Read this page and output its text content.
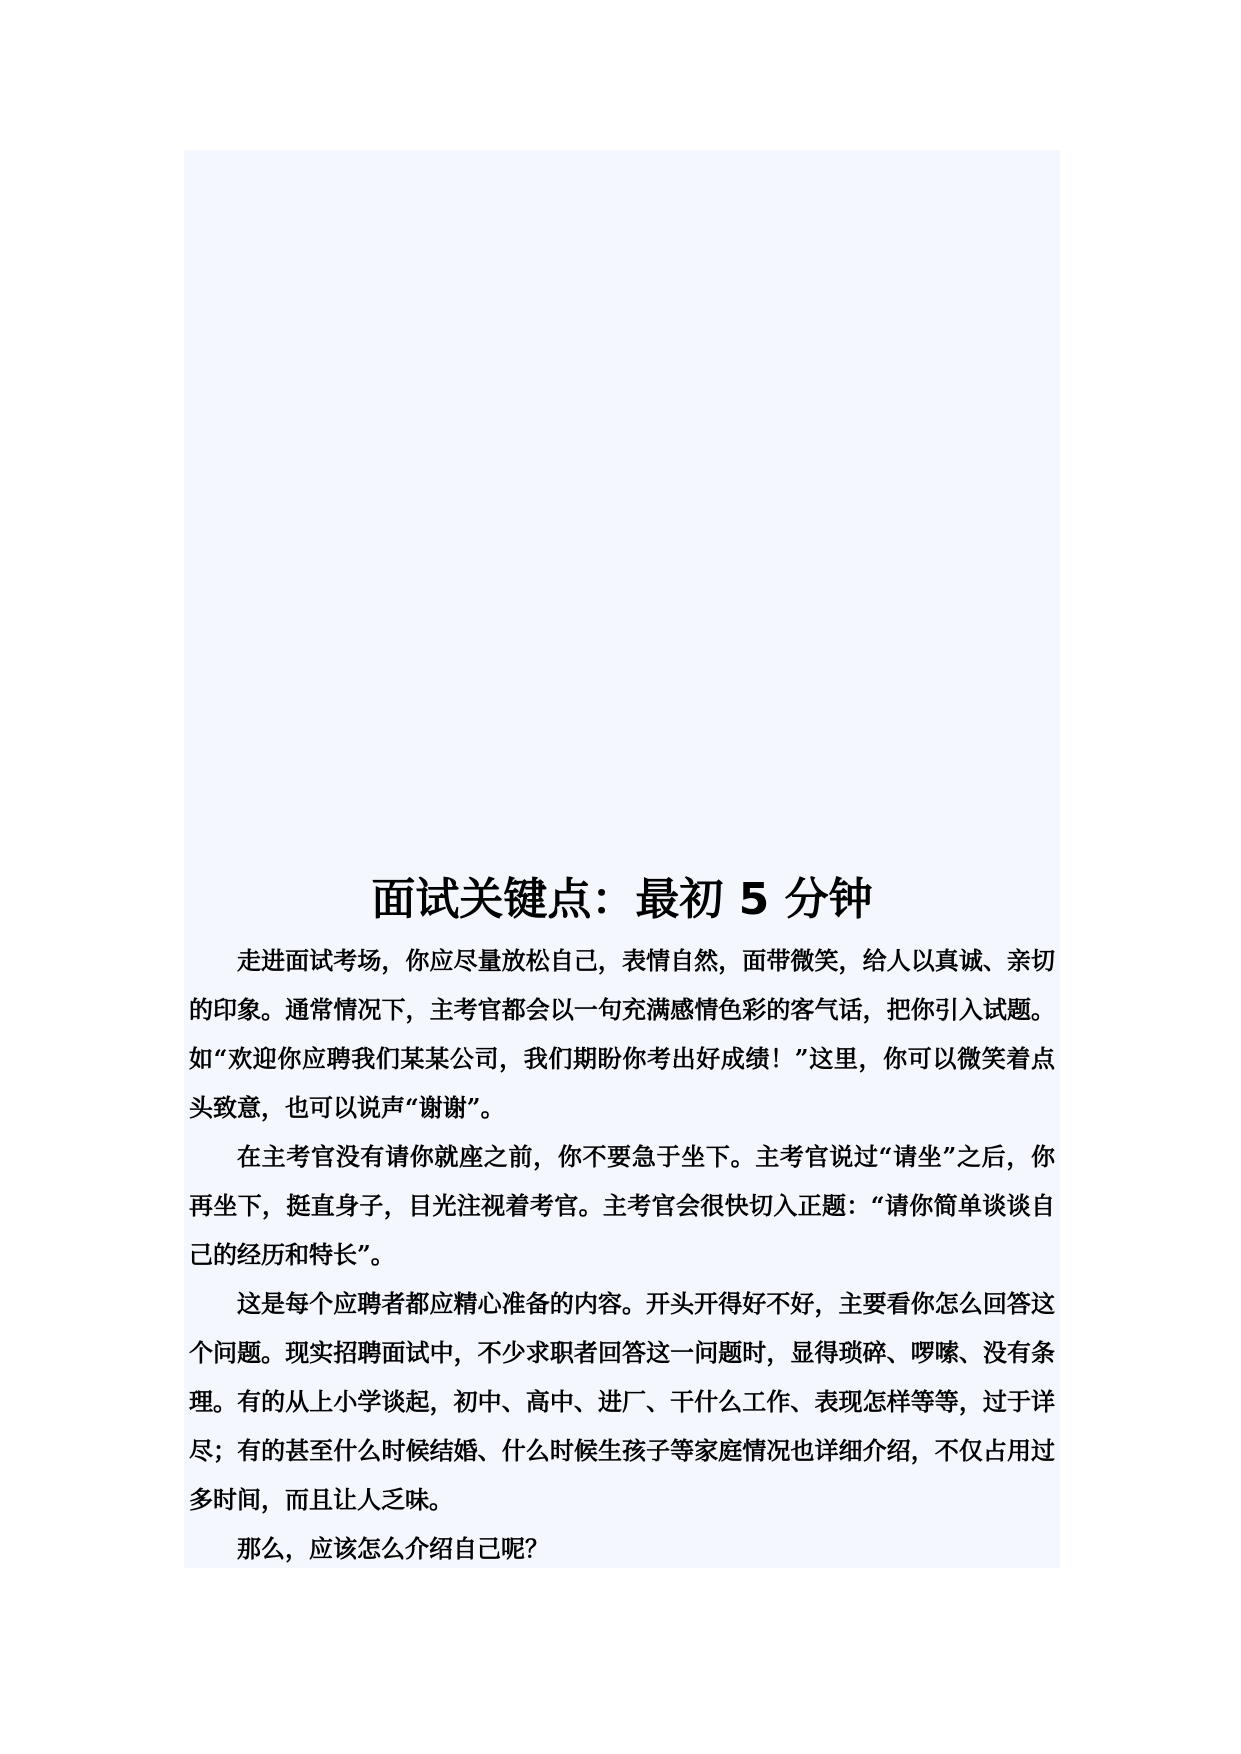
面试关键点：最初 5 分钟

走进面试考场，你应尽量放松自己，表情自然，面带微笑，给人以真诚、亲切的印象。通常情况下，主考官都会以一句充满感情色彩的客气话，把你引入试题。如“欢迎你应聘我们某某公司，我们期盼你考出好成绩！”这里，你可以微笑着点头致意，也可以说声“谢谢”。

在主考官没有请你就座之前，你不要急于坐下。主考官说过“请坐”之后，你再坐下，挺直身子，目光注视着考官。主考官会很快切入正题：“请你简单谈谈自己的经历和特长”。

这是每个应聘者都应精心准备的内容。开头开得好不好，主要看你怎么回答这个问题。现实招聘面试中，不少求职者回答这一问题时，显得琐碎、啰嗦、没有条理。有的从上小学谈起，初中、高中、进厂、干什么工作、表现怎样等等，过于详尽；有的甚至什么时候结婚、什么时候生孩子等家庭情况也详细介绍，不仅占用过多时间，而且让人乏味。

那么，应该怎么介绍自己呢？
